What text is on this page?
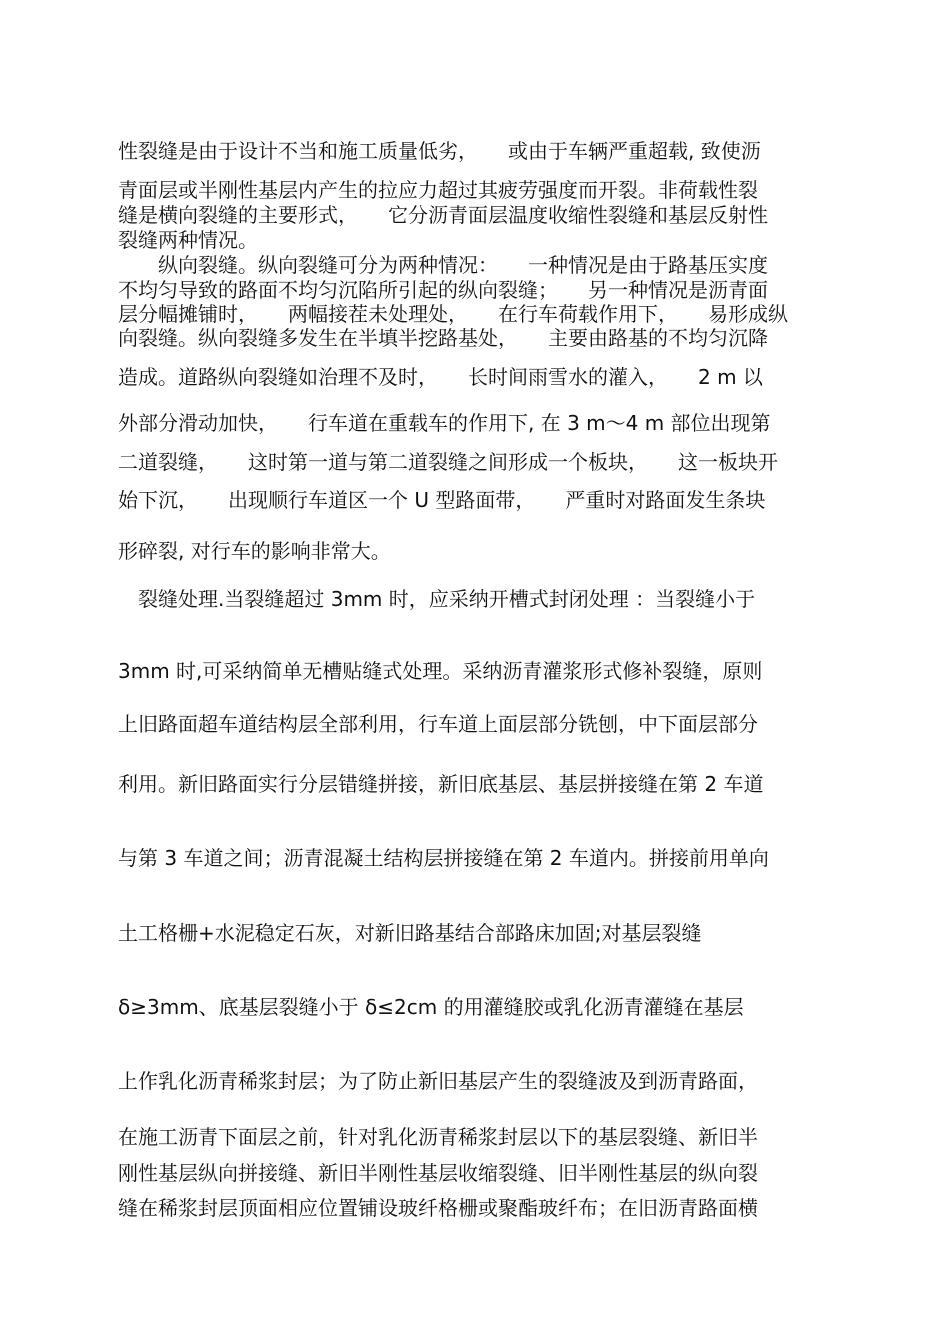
性裂缝是由于设计不当和施工质量低劣，　　或由于车辆严重超载, 致使沥
青面层或半刚性基层内产生的拉应力超过其疲劳强度而开裂。非荷载性裂
缝是横向裂缝的主要形式，　　它分沥青面层温度收缩性裂缝和基层反射性
裂缝两种情况。
　　纵向裂缝。纵向裂缝可分为两种情况：　　一种情况是由于路基压实度
不均匀导致的路面不均匀沉陷所引起的纵向裂缝；　　另一种情况是沥青面
层分幅摊铺时，　　两幅接茬未处理处，　　在行车荷载作用下，　　易形成纵
向裂缝。纵向裂缝多发生在半填半挖路基处，　　主要由路基的不均匀沉降
造成。道路纵向裂缝如治理不及时，　　长时间雨雪水的灌入，　　2 m 以
外部分滑动加快，　　行车道在重载车的作用下, 在 3 m～4 m 部位出现第
二道裂缝，　　这时第一道与第二道裂缝之间形成一个板块，　　这一板块开
始下沉，　　出现顺行车道区一个 U 型路面带，　　严重时对路面发生条块
形碎裂, 对行车的影响非常大。
　裂缝处理.当裂缝超过 3mm 时，应采纳开槽式封闭处理 ：当裂缝小于
3mm 时,可采纳简单无槽贴缝式处理。采纳沥青灌浆形式修补裂缝，原则
上旧路面超车道结构层全部利用，行车道上面层部分铣刨，中下面层部分
利用。新旧路面实行分层错缝拼接，新旧底基层、基层拼接缝在第 2 车道
与第 3 车道之间；沥青混凝土结构层拼接缝在第 2 车道内。拼接前用单向
土工格栅+水泥稳定石灰，对新旧路基结合部路床加固;对基层裂缝
δ≥3mm、底基层裂缝小于 δ≤2cm 的用灌缝胶或乳化沥青灌缝在基层
上作乳化沥青稀浆封层；为了防止新旧基层产生的裂缝波及到沥青路面，
在施工沥青下面层之前，针对乳化沥青稀浆封层以下的基层裂缝、新旧半
刚性基层纵向拼接缝、新旧半刚性基层收缩裂缝、旧半刚性基层的纵向裂
缝在稀浆封层顶面相应位置铺设玻纤格栅或聚酯玻纤布；在旧沥青路面横
